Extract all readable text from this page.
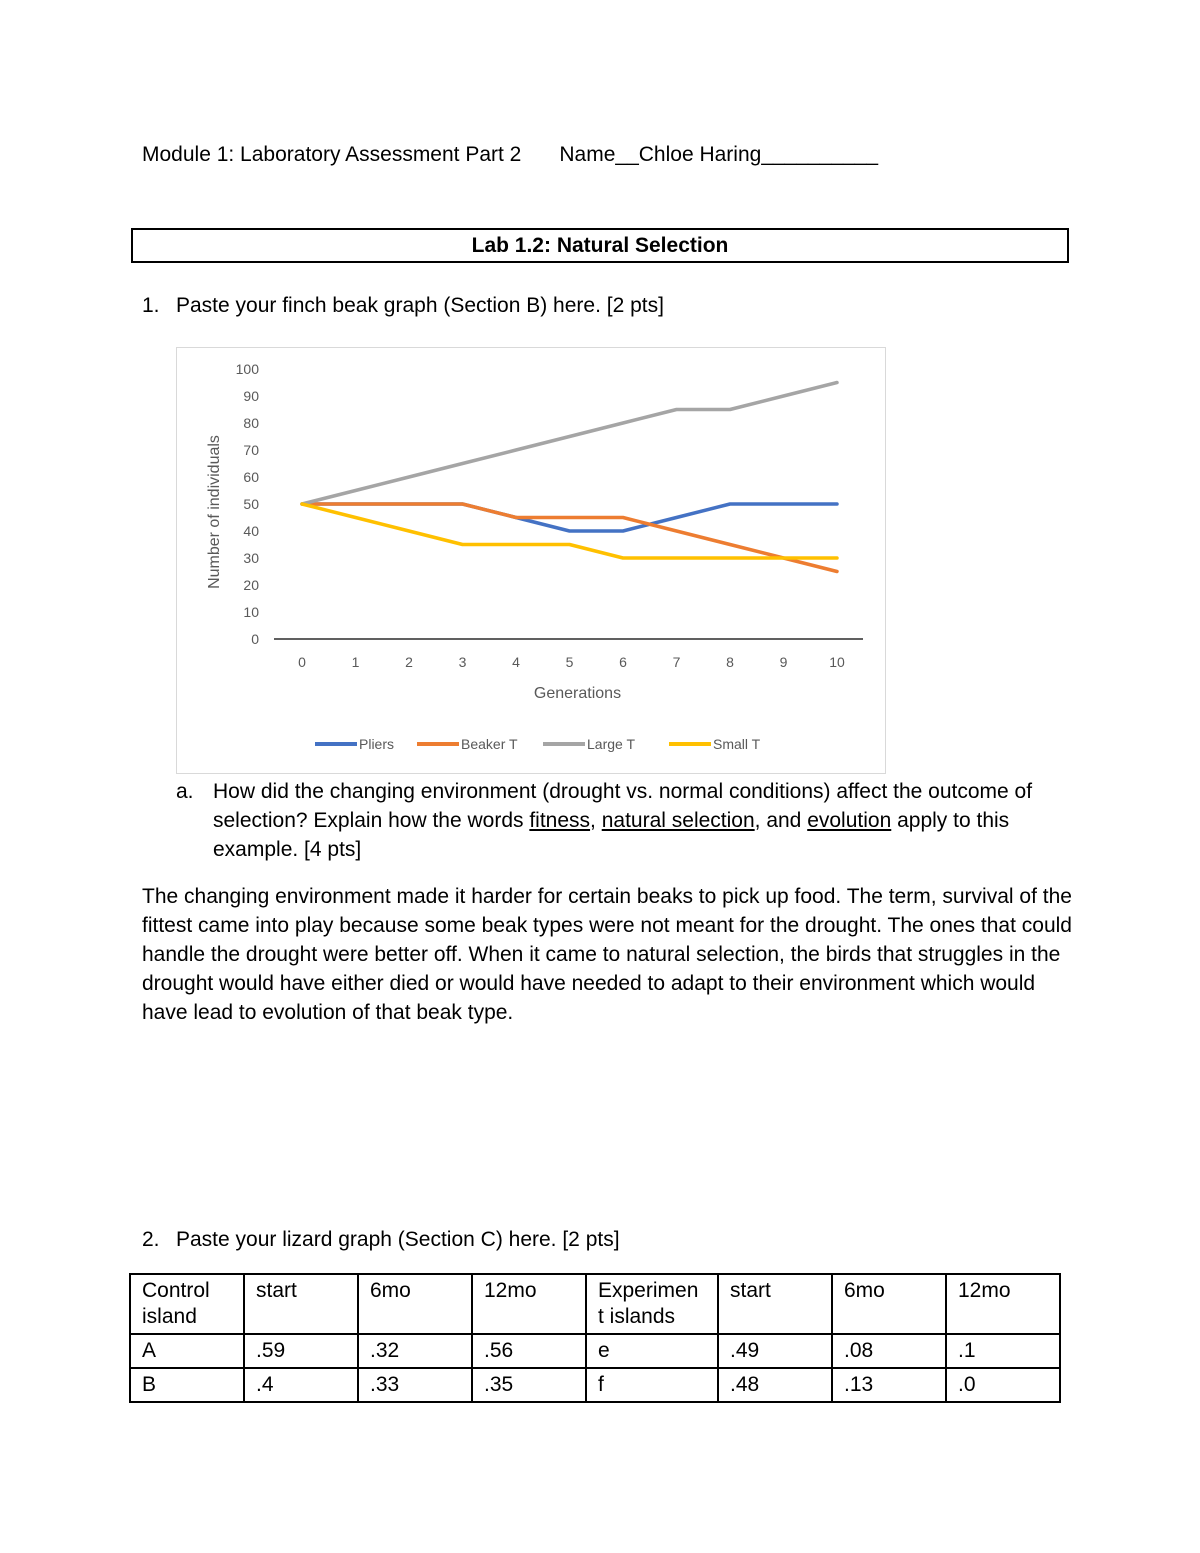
Module 1: Laboratory Assessment Part 2 Name__Chloe Haring__________
Lab 1.2: Natural Selection
1. Paste your finch beak graph (Section B) here. [2 pts]
0
10
20
30
40
50
60
70
80
90
100
0	1	2	3	4	5	6	7	8	9	10
Generations
Number of individuals
Pliers	Beaker T	Large T	Small T
a. How did the changing environment (drought vs. normal conditions) affect the outcome of selection? Explain how the words fitness, natural selection, and evolution apply to this example. [4 pts]
The changing environment made it harder for certain beaks to pick up food. The term, survival of the fittest came into play because some beak types were not meant for the drought. The ones that could handle the drought were better off. When it came to natural selection, the birds that struggles in the drought would have either died or would have needed to adapt to their environment which would have lead to evolution of that beak type.
2. Paste your lizard graph (Section C) here. [2 pts]
Control island	start	6mo	12mo	Experimen t islands	start	6mo	12mo
A	.59	.32	.56	e	.49	.08	.1
B	.4	.33	.35	f	.48	.13	.0
